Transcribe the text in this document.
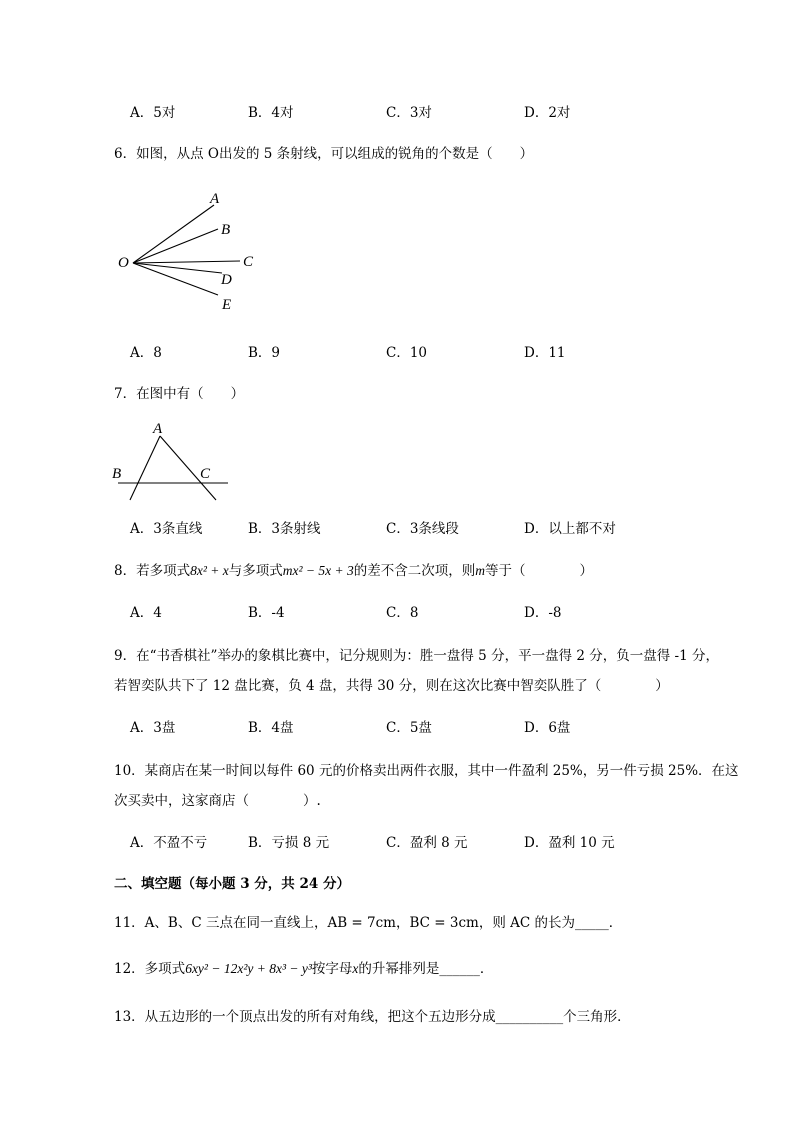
A．5对	B．4对	C．3对	D．2对
6．如图，从点 O出发的 5 条射线，可以组成的锐角的个数是（　　）
O
A
B
C
D
E
A．8	B．9	C．10	D．11
7．在图中有（　　）
A
B	C
A．3条直线	B．3条射线	C．3条线段	D．以上都不对
8．若多项式8x² + x与多项式mx² − 5x + 3的差不含二次项，则m等于（　　　　）
A．4	B．-4	C．8	D．-8
9．在“书香棋社”举办的象棋比赛中，记分规则为：胜一盘得 5 分，平一盘得 2 分，负一盘得 -1 分，
若智奕队共下了 12 盘比赛，负 4 盘，共得 30 分，则在这次比赛中智奕队胜了（　　　　）
A．3盘	B．4盘	C．5盘	D．6盘
10．某商店在某一时间以每件 60 元的价格卖出两件衣服，其中一件盈利 25%，另一件亏损 25%．在这
次买卖中，这家商店（　　　　）.
A．不盈不亏	B．亏损 8 元	C．盈利 8 元	D．盈利 10 元
二、填空题（每小题 3 分，共 24 分）
11．A、B、C 三点在同一直线上，AB = 7cm，BC = 3cm，则 AC 的长为_____．
12．多项式6xy² − 12x²y + 8x³ − y³按字母x的升幂排列是______．
13．从五边形的一个顶点出发的所有对角线，把这个五边形分成__________个三角形．
